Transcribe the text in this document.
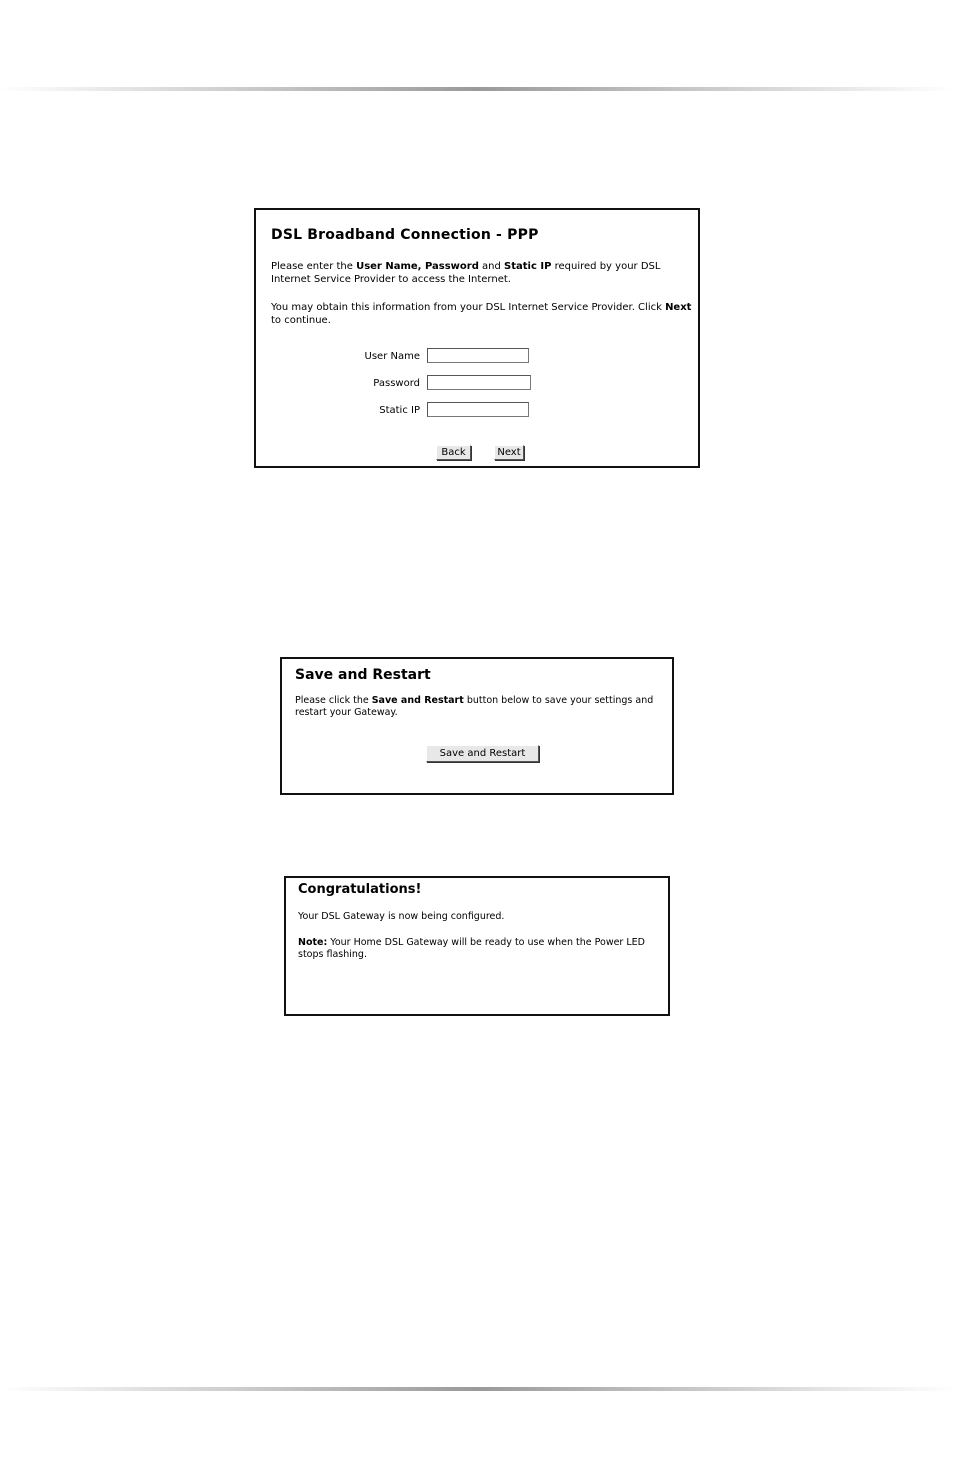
DSL Broadband Connection - PPP
Please enter the User Name, Password and Static IP required by your DSL Internet Service Provider to access the Internet.
You may obtain this information from your DSL Internet Service Provider. Click Next to continue.
User Name
Password
Static IP
Back	Next
Save and Restart
Please click the Save and Restart button below to save your settings and restart your Gateway.
Save and Restart
Congratulations!
Your DSL Gateway is now being configured.
Note: Your Home DSL Gateway will be ready to use when the Power LED stops flashing.
